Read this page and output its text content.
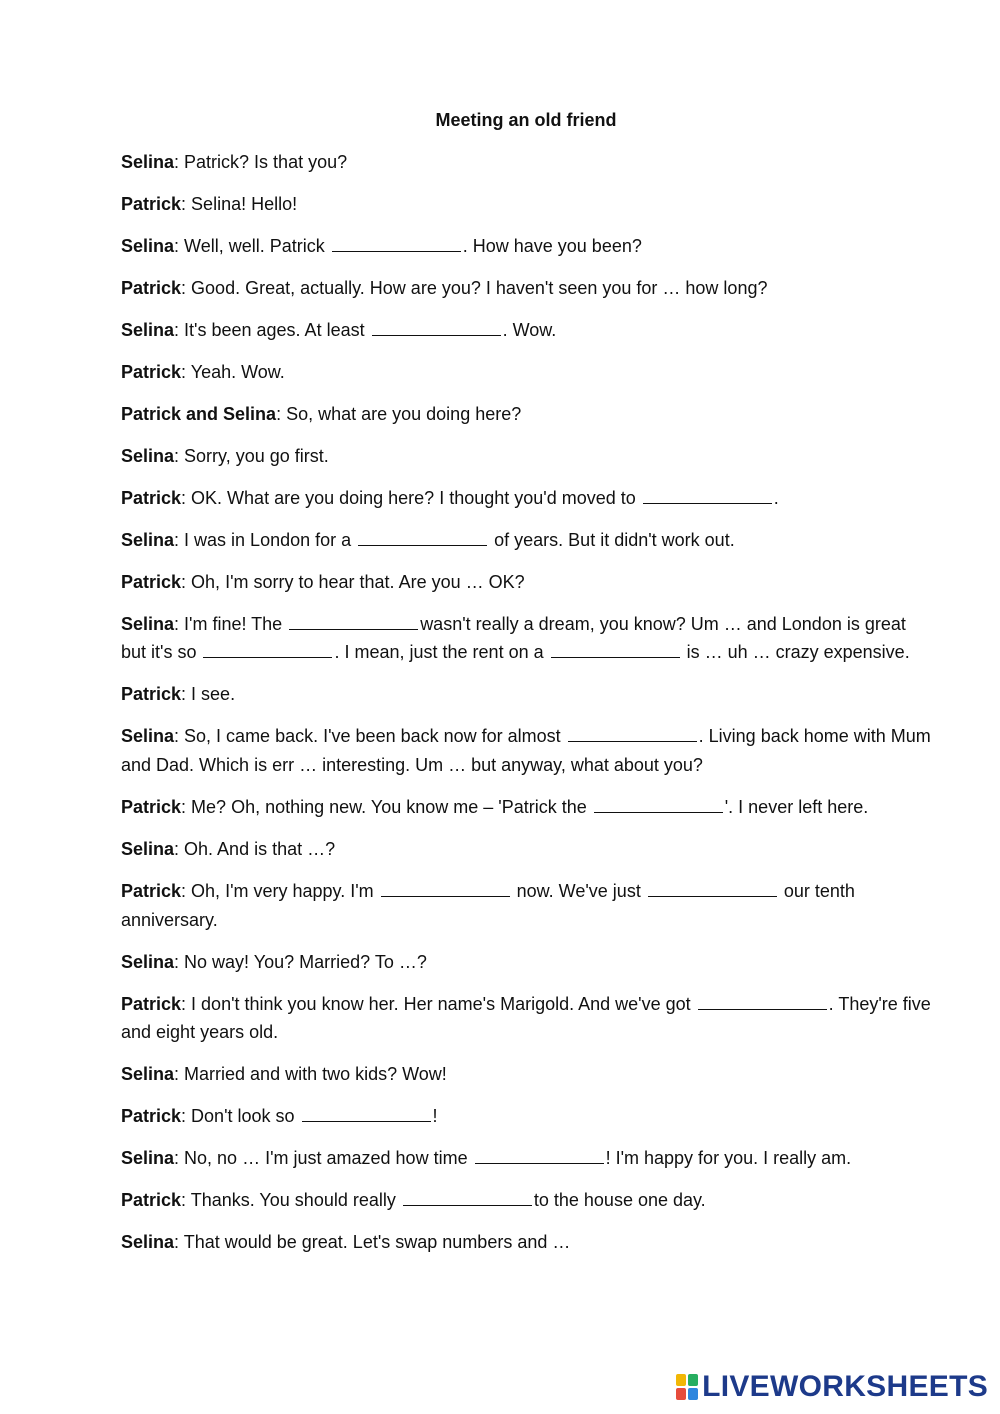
Meeting an old friend

Selina: Patrick? Is that you?

Patrick: Selina! Hello!

Selina: Well, well. Patrick	. How have you been?

Patrick: Good. Great, actually. How are you? I haven't seen you for … how long?

Selina: It's been ages. At least	. Wow.

Patrick: Yeah. Wow.

Patrick and Selina: So, what are you doing here?

Selina: Sorry, you go first.

Patrick: OK. What are you doing here? I thought you'd moved to	.

Selina: I was in London for a	of years. But it didn't work out.

Patrick: Oh, I'm sorry to hear that. Are you … OK?

Selina: I'm fine! The	wasn't really a dream, you know? Um … and London is great but it's so	. I mean, just the rent on a	is … uh … crazy expensive.

Patrick: I see.

Selina: So, I came back. I've been back now for almost	. Living back home with Mum and Dad. Which is err … interesting. Um … but anyway, what about you?

Patrick: Me? Oh, nothing new. You know me – 'Patrick the	'. I never left here.

Selina: Oh. And is that …?

Patrick: Oh, I'm very happy. I'm	now. We've just	our tenth anniversary.

Selina: No way! You? Married? To …?

Patrick: I don't think you know her. Her name's Marigold. And we've got	. They're five and eight years old.

Selina: Married and with two kids? Wow!

Patrick: Don't look so	!

Selina: No, no … I'm just amazed how time	! I'm happy for you. I really am.

Patrick: Thanks. You should really	to the house one day.

Selina: That would be great. Let's swap numbers and …

LIVEWORKSHEETS
